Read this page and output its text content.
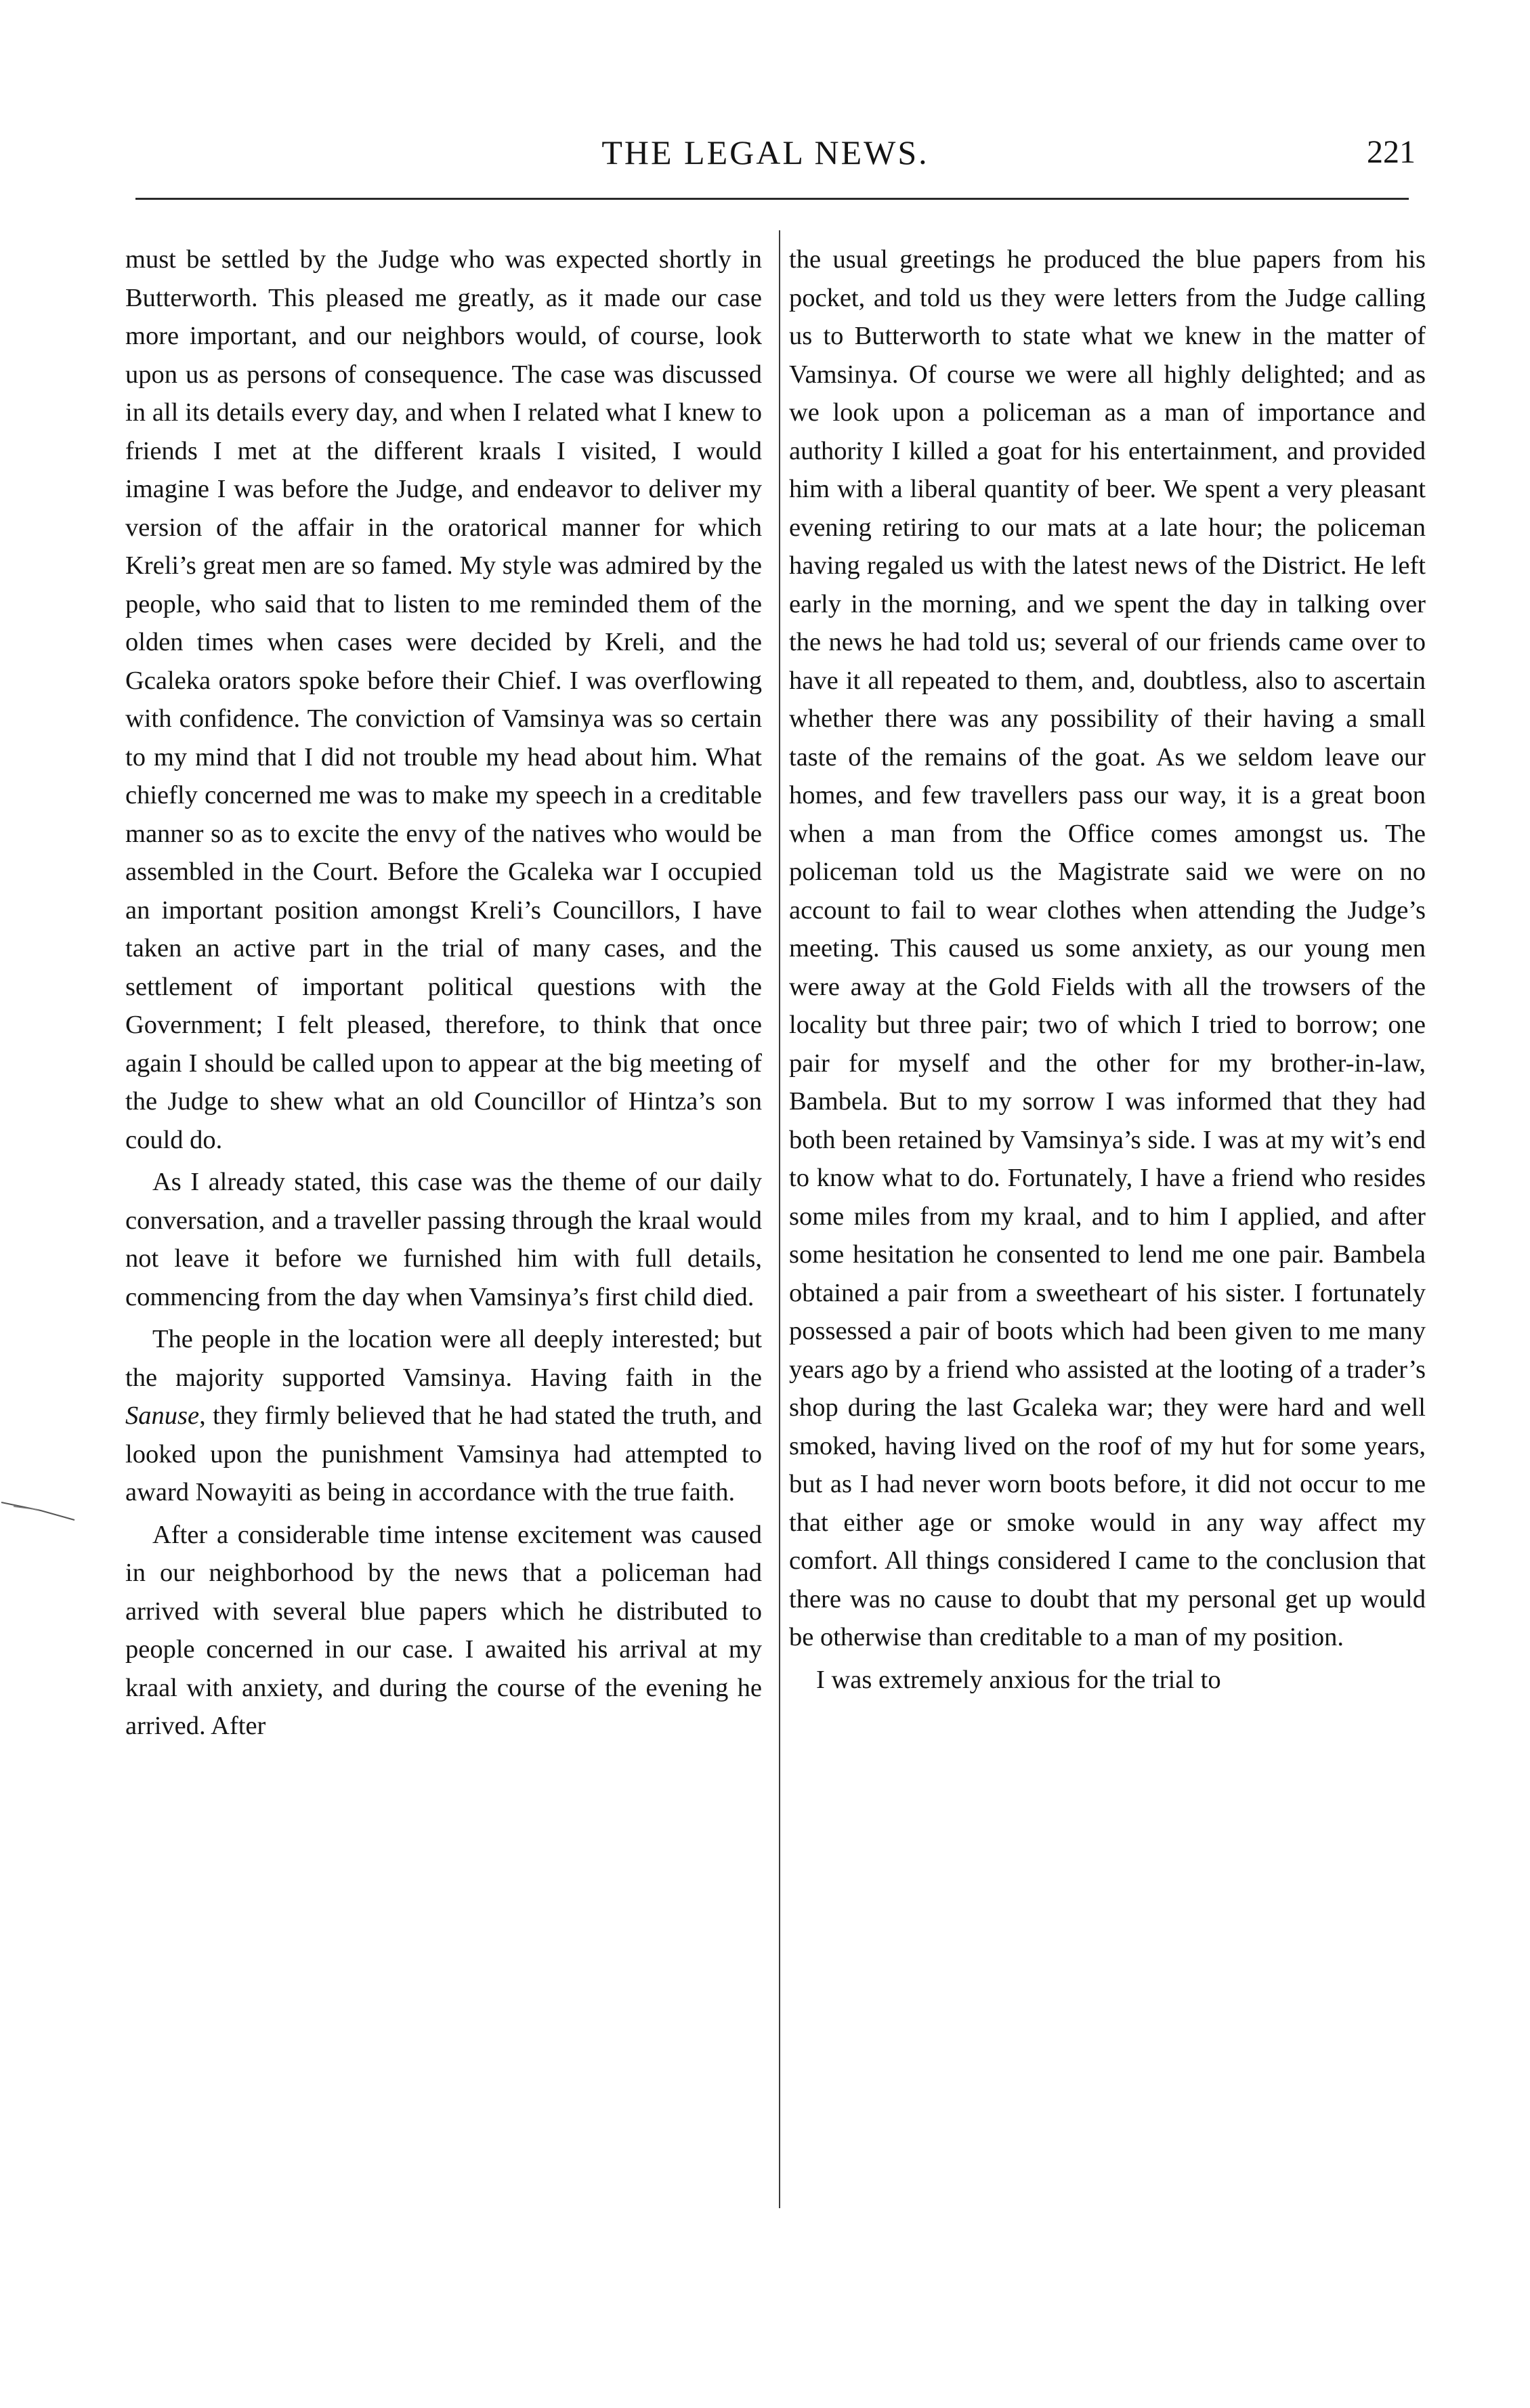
THE LEGAL NEWS.	221

must be settled by the Judge who was expected shortly in Butterworth. This pleased me greatly, as it made our case more important, and our neighbors would, of course, look upon us as persons of consequence. The case was discussed in all its details every day, and when I related what I knew to friends I met at the different kraals I visited, I would imagine I was before the Judge, and endeavor to deliver my version of the affair in the oratorical manner for which Kreli’s great men are so famed. My style was admired by the people, who said that to listen to me reminded them of the olden times when cases were decided by Kreli, and the Gcaleka orators spoke before their Chief. I was overflowing with confidence. The conviction of Vamsinya was so certain to my mind that I did not trouble my head about him. What chiefly concerned me was to make my speech in a creditable manner so as to excite the envy of the natives who would be assembled in the Court. Before the Gcaleka war I occupied an important position amongst Kreli’s Councillors, I have taken an active part in the trial of many cases, and the settlement of important political questions with the Government; I felt pleased, therefore, to think that once again I should be called upon to appear at the big meeting of the Judge to shew what an old Councillor of Hintza’s son could do.

As I already stated, this case was the theme of our daily conversation, and a traveller passing through the kraal would not leave it before we furnished him with full details, commencing from the day when Vamsinya’s first child died.

The people in the location were all deeply interested; but the majority supported Vamsinya. Having faith in the Sanuse, they firmly believed that he had stated the truth, and looked upon the punishment Vamsinya had attempted to award Nowayiti as being in accordance with the true faith.

After a considerable time intense excitement was caused in our neighborhood by the news that a policeman had arrived with several blue papers which he distributed to people concerned in our case. I awaited his arrival at my kraal with anxiety, and during the course of the evening he arrived. After

the usual greetings he produced the blue papers from his pocket, and told us they were letters from the Judge calling us to Butterworth to state what we knew in the matter of Vamsinya. Of course we were all highly delighted; and as we look upon a policeman as a man of importance and authority I killed a goat for his entertainment, and provided him with a liberal quantity of beer. We spent a very pleasant evening retiring to our mats at a late hour; the policeman having regaled us with the latest news of the District. He left early in the morning, and we spent the day in talking over the news he had told us; several of our friends came over to have it all repeated to them, and, doubtless, also to ascertain whether there was any possibility of their having a small taste of the remains of the goat. As we seldom leave our homes, and few travellers pass our way, it is a great boon when a man from the Office comes amongst us. The policeman told us the Magistrate said we were on no account to fail to wear clothes when attending the Judge’s meeting. This caused us some anxiety, as our young men were away at the Gold Fields with all the trowsers of the locality but three pair; two of which I tried to borrow; one pair for myself and the other for my brother-in-law, Bambela. But to my sorrow I was informed that they had both been retained by Vamsinya’s side. I was at my wit’s end to know what to do. Fortunately, I have a friend who resides some miles from my kraal, and to him I applied, and after some hesitation he consented to lend me one pair. Bambela obtained a pair from a sweetheart of his sister. I fortunately possessed a pair of boots which had been given to me many years ago by a friend who assisted at the looting of a trader’s shop during the last Gcaleka war; they were hard and well smoked, having lived on the roof of my hut for some years, but as I had never worn boots before, it did not occur to me that either age or smoke would in any way affect my comfort. All things considered I came to the conclusion that there was no cause to doubt that my personal get up would be otherwise than creditable to a man of my position.

I was extremely anxious for the trial to
